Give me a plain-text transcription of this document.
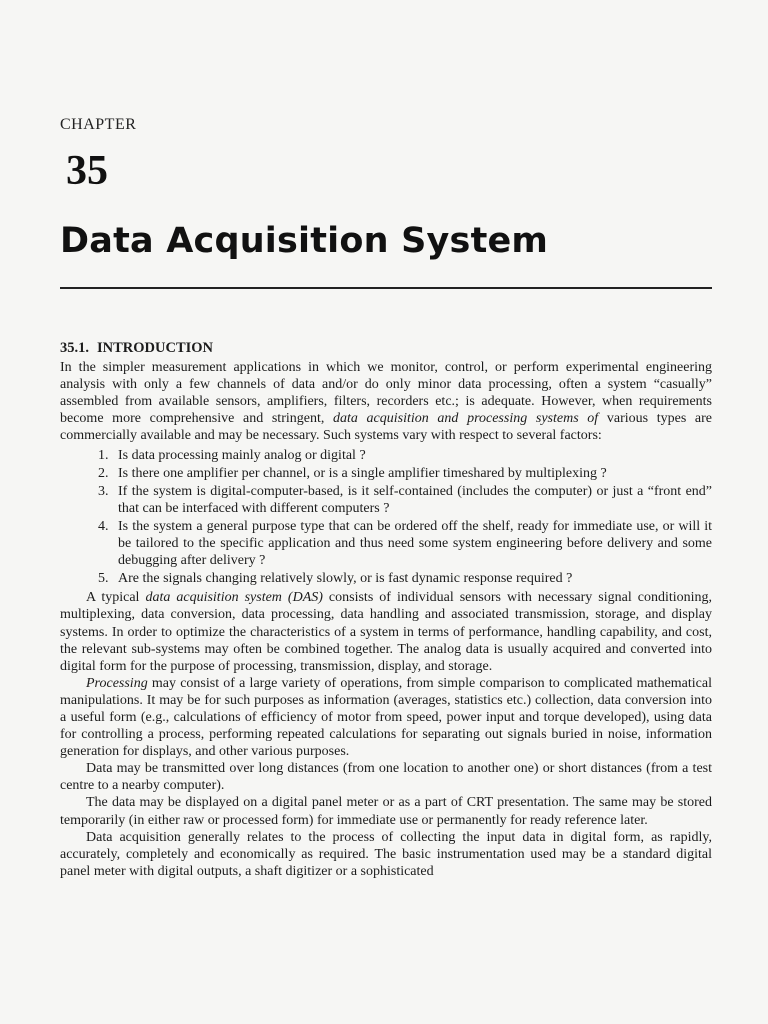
CHAPTER
35
Data Acquisition System
35.1. INTRODUCTION

In the simpler measurement applications in which we monitor, control, or perform experimental engineering analysis with only a few channels of data and/or do only minor data processing, often a system “casually” assembled from available sensors, amplifiers, filters, recorders etc.; is adequate. However, when requirements become more comprehensive and stringent, data acquisition and processing systems of various types are commercially available and may be necessary. Such systems vary with respect to several factors:

1. Is data processing mainly analog or digital ?
2. Is there one amplifier per channel, or is a single amplifier timeshared by multiplexing ?
3. If the system is digital-computer-based, is it self-contained (includes the computer) or just a “front end” that can be interfaced with different computers ?
4. Is the system a general purpose type that can be ordered off the shelf, ready for immediate use, or will it be tailored to the specific application and thus need some system engineering before delivery and some debugging after delivery ?
5. Are the signals changing relatively slowly, or is fast dynamic response required ?

A typical data acquisition system (DAS) consists of individual sensors with necessary signal conditioning, multiplexing, data conversion, data processing, data handling and associated transmission, storage, and display systems. In order to optimize the characteristics of a system in terms of performance, handling capability, and cost, the relevant sub-systems may often be combined together. The analog data is usually acquired and converted into digital form for the purpose of processing, transmission, display, and storage.

Processing may consist of a large variety of operations, from simple comparison to complicated mathematical manipulations. It may be for such purposes as information (averages, statistics etc.) collection, data conversion into a useful form (e.g., calculations of efficiency of motor from speed, power input and torque developed), using data for controlling a process, performing repeated calculations for separating out signals buried in noise, information generation for displays, and other various purposes.

Data may be transmitted over long distances (from one location to another one) or short distances (from a test centre to a nearby computer).

The data may be displayed on a digital panel meter or as a part of CRT presentation. The same may be stored temporarily (in either raw or processed form) for immediate use or permanently for ready reference later.

Data acquisition generally relates to the process of collecting the input data in digital form, as rapidly, accurately, completely and economically as required. The basic instrumentation used may be a standard digital panel meter with digital outputs, a shaft digitizer or a sophisticated
